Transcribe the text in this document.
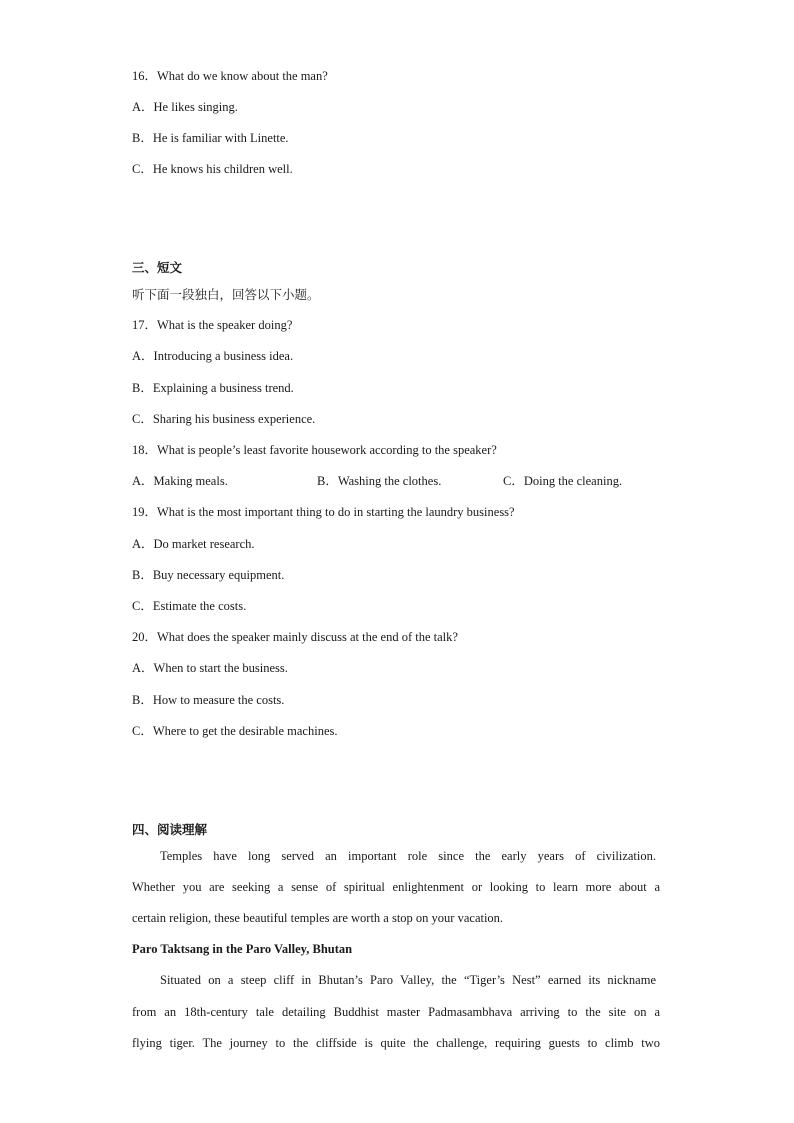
16．What do we know about the man?
A．He likes singing.
B．He is familiar with Linette.
C．He knows his children well.
三、短文
听下面一段独白，回答以下小题。
17．What is the speaker doing?
A．Introducing a business idea.
B．Explaining a business trend.
C．Sharing his business experience.
18．What is people’s least favorite housework according to the speaker?
A．Making meals.	B．Washing the clothes.	C．Doing the cleaning.
19．What is the most important thing to do in starting the laundry business?
A．Do market research.
B．Buy necessary equipment.
C．Estimate the costs.
20．What does the speaker mainly discuss at the end of the talk?
A．When to start the business.
B．How to measure the costs.
C．Where to get the desirable machines.
四、阅读理解
Temples have long served an important role since the early years of civilization.
Whether you are seeking a sense of spiritual enlightenment or looking to learn more about a
certain religion, these beautiful temples are worth a stop on your vacation.
Paro Taktsang in the Paro Valley, Bhutan
Situated on a steep cliff in Bhutan’s Paro Valley, the “Tiger’s Nest” earned its nickname
from an 18th-century tale detailing Buddhist master Padmasambhava arriving to the site on a
flying tiger. The journey to the cliffside is quite the challenge, requiring guests to climb two
